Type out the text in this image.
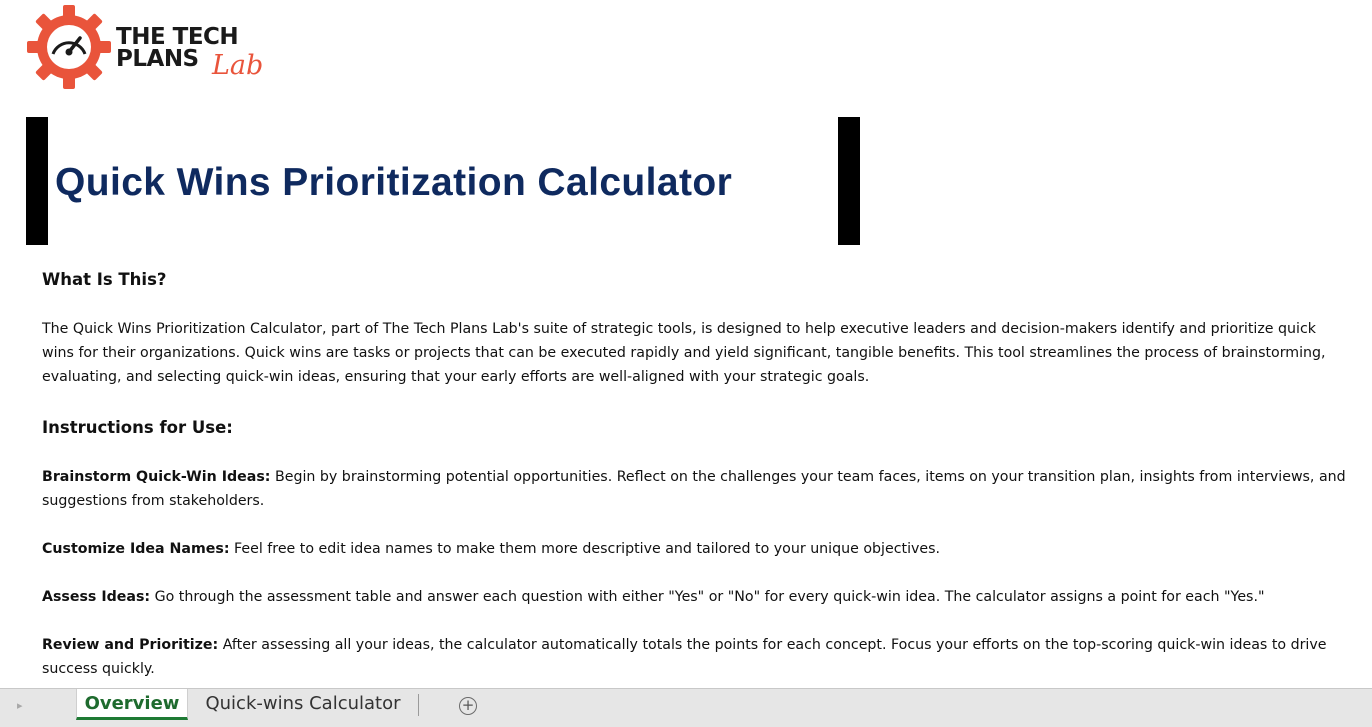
THE TECH
PLANS Lab
Quick Wins Prioritization Calculator

What Is This?

The Quick Wins Prioritization Calculator, part of The Tech Plans Lab's suite of strategic tools, is designed to help executive leaders and decision-makers identify and prioritize quick wins for their organizations. Quick wins are tasks or projects that can be executed rapidly and yield significant, tangible benefits. This tool streamlines the process of brainstorming, evaluating, and selecting quick-win ideas, ensuring that your early efforts are well-aligned with your strategic goals.

Instructions for Use:

Brainstorm Quick-Win Ideas: Begin by brainstorming potential opportunities. Reflect on the challenges your team faces, items on your transition plan, insights from interviews, and suggestions from stakeholders.

Customize Idea Names: Feel free to edit idea names to make them more descriptive and tailored to your unique objectives.

Assess Ideas: Go through the assessment table and answer each question with either "Yes" or "No" for every quick-win idea. The calculator assigns a point for each "Yes."

Review and Prioritize: After assessing all your ideas, the calculator automatically totals the points for each concept. Focus your efforts on the top-scoring quick-win ideas to drive success quickly.

▸	Overview	Quick-wins Calculator	+
